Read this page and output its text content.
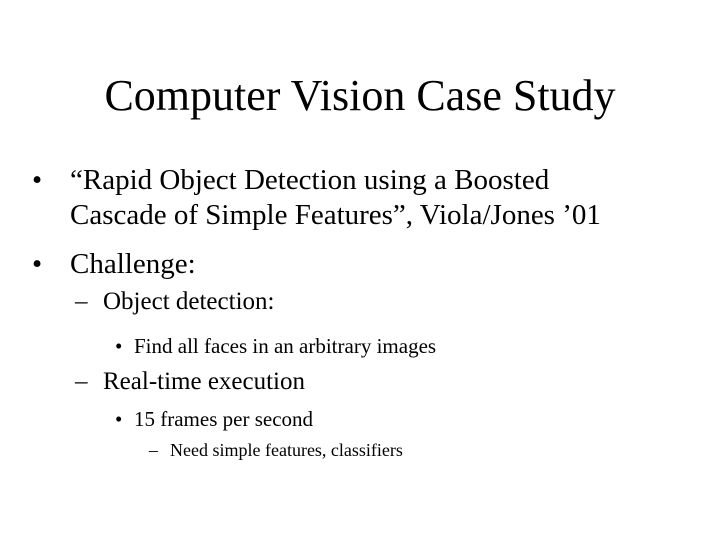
Computer Vision Case Study
• “Rapid Object Detection using a Boosted
Cascade of Simple Features”, Viola/Jones ’01
• Challenge:
– Object detection:
• Find all faces in an arbitrary images
– Real-time execution
• 15 frames per second
– Need simple features, classifiers
